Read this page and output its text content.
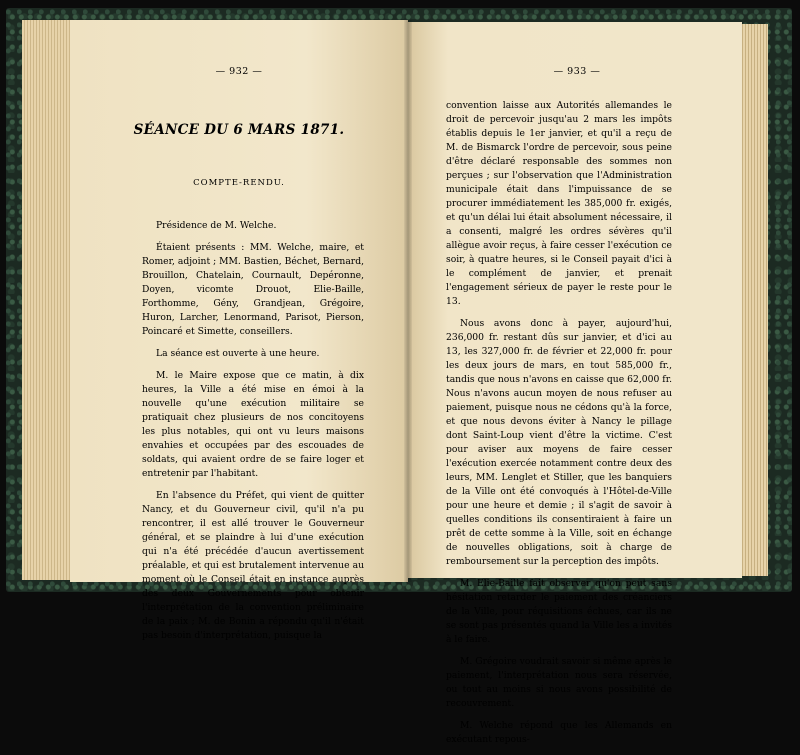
— 932 —	— 933 —
SÉANCE DU 6 MARS 1871.
COMPTE-RENDU.

Présidence de M. Welche.

Étaient présents : MM. Welche, maire, et Romer, adjoint ; MM. Bastien, Béchet, Bernard, Brouillon, Chatelain, Cournault, Depéronne, Doyen, vicomte Drouot, Elie-Baille, Forthomme, Gény, Grandjean, Grégoire, Huron, Larcher, Lenormand, Parisot, Pierson, Poincaré et Simette, conseillers.

La séance est ouverte à une heure.

M. le Maire expose que ce matin, à dix heures, la Ville a été mise en émoi à la nouvelle qu'une exécution militaire se pratiquait chez plusieurs de nos concitoyens les plus notables, qui ont vu leurs maisons envahies et occupées par des escouades de soldats, qui avaient ordre de se faire loger et entretenir par l'habitant.

En l'absence du Préfet, qui vient de quitter Nancy, et du Gouverneur civil, qu'il n'a pu rencontrer, il est allé trouver le Gouverneur général, et se plaindre à lui d'une exécution qui n'a été précédée d'aucun avertissement préalable, et qui est brutalement intervenue au moment où le Conseil était en instance auprès des deux Gouvernements pour obtenir l'interprétation de la convention préliminaire de la paix ; M. de Bonin a répondu qu'il n'était pas besoin d'interprétation, puisque la

convention laisse aux Autorités allemandes le droit de percevoir jusqu'au 2 mars les impôts établis depuis le 1er janvier, et qu'il a reçu de M. de Bismarck l'ordre de percevoir, sous peine d'être déclaré responsable des sommes non perçues ; sur l'observation que l'Administration municipale était dans l'impuissance de se procurer immédiatement les 385,000 fr. exigés, et qu'un délai lui était absolument nécessaire, il a consenti, malgré les ordres sévères qu'il allègue avoir reçus, à faire cesser l'exécution ce soir, à quatre heures, si le Conseil payait d'ici à le complément de janvier, et prenait l'engagement sérieux de payer le reste pour le 13.

Nous avons donc à payer, aujourd'hui, 236,000 fr. restant dûs sur janvier, et d'ici au 13, les 327,000 fr. de février et 22,000 fr. pour les deux jours de mars, en tout 585,000 fr., tandis que nous n'avons en caisse que 62,000 fr. Nous n'avons aucun moyen de nous refuser au paiement, puisque nous ne cédons qu'à la force, et que nous devons éviter à Nancy le pillage dont Saint-Loup vient d'être la victime. C'est pour aviser aux moyens de faire cesser l'exécution exercée notamment contre deux des leurs, MM. Lenglet et Stiller, que les banquiers de la Ville ont été convoqués à l'Hôtel-de-Ville pour une heure et demie ; il s'agit de savoir à quelles conditions ils consentiraient à faire un prêt de cette somme à la Ville, soit en échange de nouvelles obligations, soit à charge de remboursement sur la perception des impôts.

M. Elie-Baille fait observer qu'on peut sans hésitation retarder le paiement des créanciers de la Ville, pour réquisitions échues, car ils ne se sont pas présentés quand la Ville les a invités à le faire.

M. Grégoire voudrait savoir si même après le paiement, l'interprétation nous sera réservée, ou tout au moins si nous avons possibilité de recouvrement.

M. Welche répond que les Allemands en exécutant repous-
